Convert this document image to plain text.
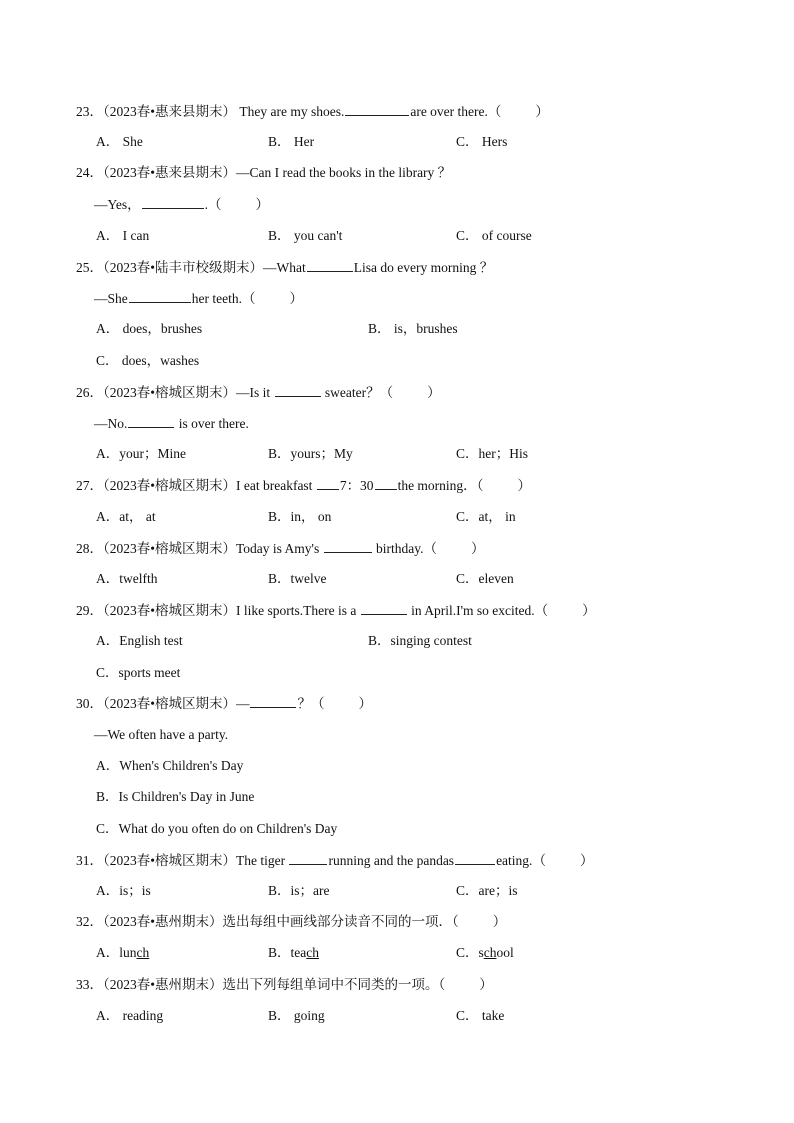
23．（2023春•惠来县期末） They are my shoes.	are over there.（	）
A． She	B． Her	C． Hers
24．（2023春•惠来县期末）—Can I read the books in the library ？
—Yes，	.（	）
A． I can	B． you can't	C． of course
25．（2023春•陆丰市校级期末）—What	Lisa do every morning ？
—She	her teeth.（	）
A． does，brushes	B． is，brushes
C． does，washes
26．（2023春•榕城区期末）—Is it	sweater？（	）
—No.	is over there.
A．your；Mine	B．yours；My	C．her；His
27．（2023春•榕城区期末）I eat breakfast 7：30 the morning．（	）
A．at， at	B．in， on	C．at， in
28．（2023春•榕城区期末）Today is Amy's	birthday.（	）
A．twelfth	B．twelve	C．eleven
29．（2023春•榕城区期末）I like sports.There is a	in April.I'm so excited.（	）
A．English test	B．singing contest
C．sports meet
30．（2023春•榕城区期末）—	？（	）
—We often have a party.
A．When's Children's Day
B．Is Children's Day in June
C．What do you often do on Children's Day
31．（2023春•榕城区期末）The tiger	running and the pandas	eating.（	）
A．is；is	B．is；are	C．are；is
32．（2023春•惠州期末）选出每组中画线部分读音不同的一项．（	）
A．lunch	B．teach	C．school
33．（2023春•惠州期末）选出下列每组单词中不同类的一项。（	）
A． reading	B． going	C． take
